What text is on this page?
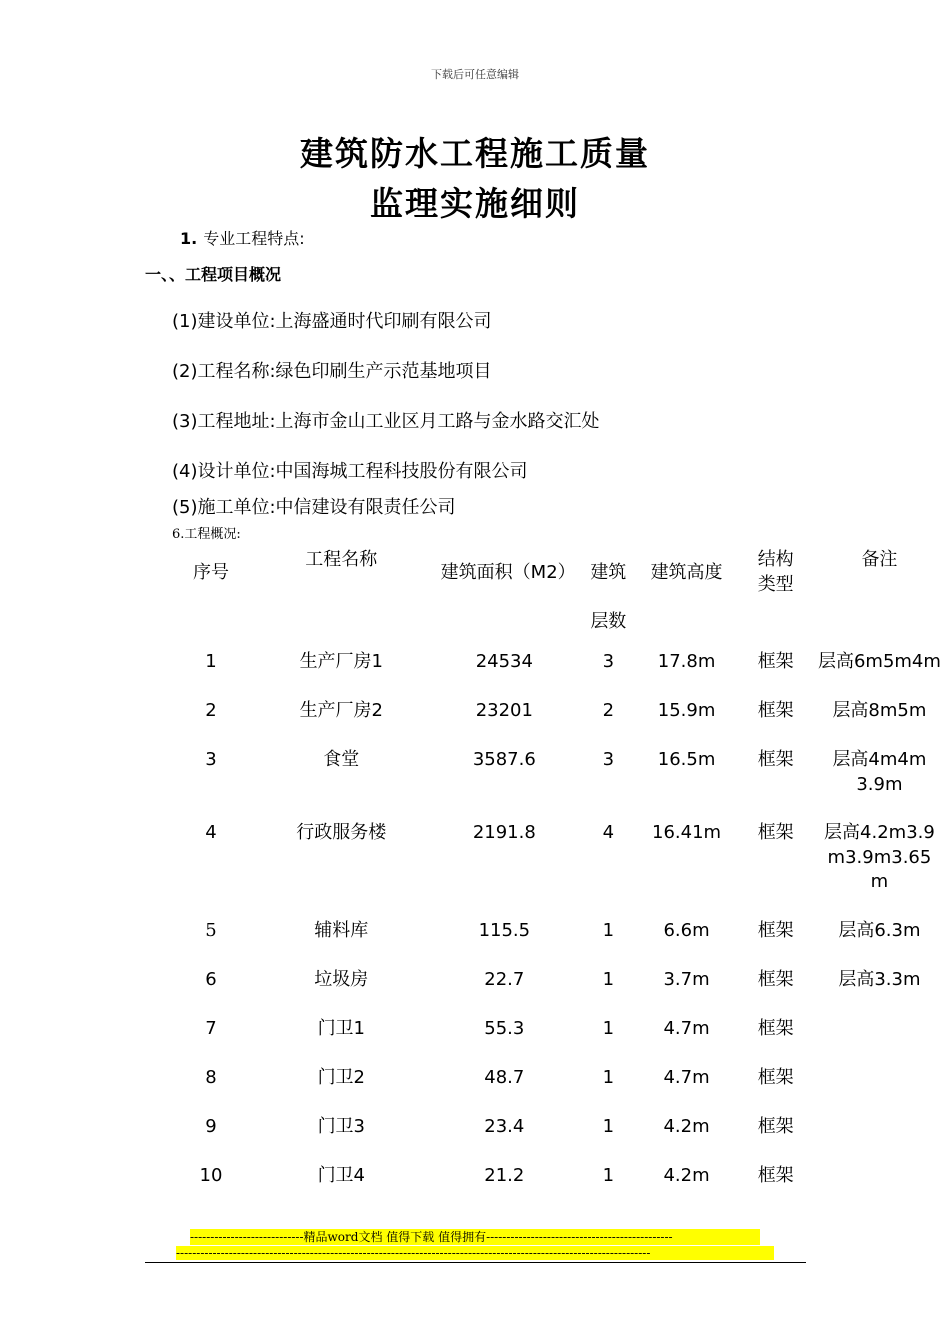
下载后可任意编辑
建筑防水工程施工质量
监理实施细则
1. 专业工程特点:
一、、工程项目概况
(1)建设单位:上海盛通时代印刷有限公司
(2)工程名称:绿色印刷生产示范基地项目
(3)工程地址:上海市金山工业区月工路与金水路交汇处
(4)设计单位:中国海城工程科技股份有限公司
(5)施工单位:中信建设有限责任公司
6.工程概况:
序号	工程名称	建筑面积（M2）	建筑层数	建筑高度	结构类型	备注
1	生产厂房1	24534	3	17.8m	框架	层高6m5m4m
2	生产厂房2	23201	2	15.9m	框架	层高8m5m
3	食堂	3587.6	3	16.5m	框架	层高4m4m3.9m
4	行政服务楼	2191.8	4	16.41m	框架	层高4.2m3.9m3.9m3.65m
5	辅料库	115.5	1	6.6m	框架	层高6.3m
6	垃圾房	22.7	1	3.7m	框架	层高3.3m
7	门卫1	55.3	1	4.7m	框架	
8	门卫2	48.7	1	4.7m	框架	
9	门卫3	23.4	1	4.2m	框架	
10	门卫4	21.2	1	4.2m	框架	
----------------------------精品word文档 值得下载 值得拥有----------------------------------------------
---------------------------------------------------------------------------------------------------------------------
